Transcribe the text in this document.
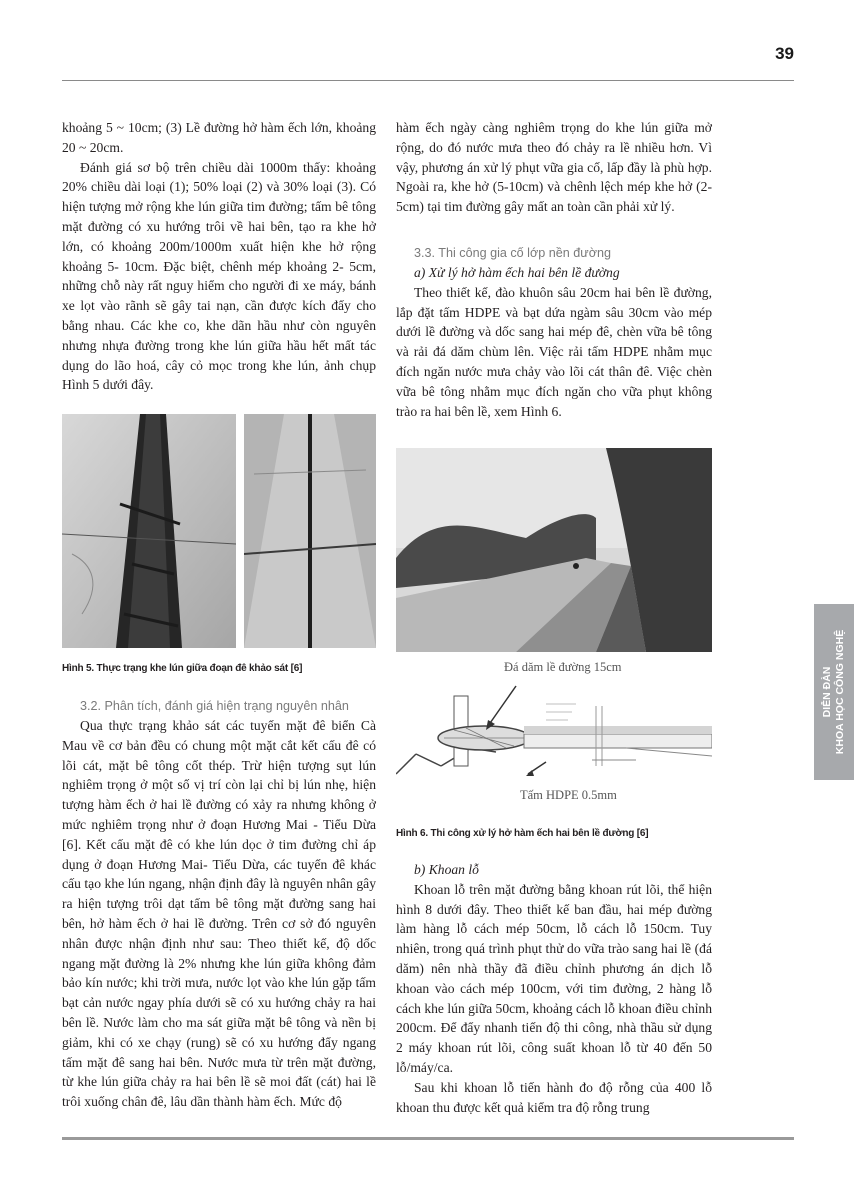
39

khoảng 5 ~ 10cm; (3) Lề đường hở hàm ếch lớn, khoảng 20 ~ 20cm.

Đánh giá sơ bộ trên chiều dài 1000m thấy: khoảng 20% chiều dài loại (1); 50% loại (2) và 30% loại (3). Có hiện tượng mở rộng khe lún giữa tim đường; tấm bê tông mặt đường có xu hướng trôi về hai bên, tạo ra khe hở lớn, có khoảng 200m/1000m xuất hiện khe hở rộng khoảng 5- 10cm. Đặc biệt, chênh mép khoảng 2- 5cm, những chỗ này rất nguy hiểm cho người đi xe máy, bánh xe lọt vào rãnh sẽ gây tai nạn, cần được kích đẩy cho bằng nhau. Các khe co, khe dãn hầu như còn nguyên nhưng nhựa đường trong khe lún giữa hầu hết mất tác dụng do lão hoá, cây cỏ mọc trong khe lún, ảnh chụp Hình 5 dưới đây.

Hình 5. Thực trạng khe lún giữa đoạn đê khảo sát [6]

3.2. Phân tích, đánh giá hiện trạng nguyên nhân

Qua thực trạng khảo sát các tuyến mặt đê biển Cà Mau về cơ bản đều có chung một mặt cắt kết cấu đê có lõi cát, mặt bê tông cốt thép. Trừ hiện tượng sụt lún nghiêm trọng ở một số vị trí còn lại chỉ bị lún nhẹ, hiện tượng hàm ếch ở hai lề đường có xảy ra nhưng không ở mức nghiêm trọng như ở đoạn Hương Mai - Tiểu Dừa [6]. Kết cấu mặt đê có khe lún dọc ở tim đường chỉ áp dụng ở đoạn Hương Mai- Tiểu Dừa, các tuyến đê khác cấu tạo khe lún ngang, nhận định đây là nguyên nhân gây ra hiện tượng trôi dạt tấm bê tông mặt đường sang hai bên, hở hàm ếch ở hai lề đường. Trên cơ sở đó nguyên nhân được nhận định như sau: Theo thiết kế, độ dốc ngang mặt đường là 2% nhưng khe lún giữa không đảm bảo kín nước; khi trời mưa, nước lọt vào khe lún gặp tấm bạt cản nước ngay phía dưới sẽ có xu hướng chảy ra hai bên lề. Nước làm cho ma sát giữa mặt bê tông và nền bị giảm, khi có xe chạy (rung) sẽ có xu hướng đẩy ngang tấm mặt đê sang hai bên. Nước mưa từ trên mặt đường, từ khe lún giữa chảy ra hai bên lề sẽ moi đất (cát) hai lề trôi xuống chân đê, lâu dần thành hàm ếch. Mức độ

hàm ếch ngày càng nghiêm trọng do khe lún giữa mở rộng, do đó nước mưa theo đó chảy ra lề nhiều hơn. Vì vậy, phương án xử lý phụt vữa gia cố, lấp đầy là phù hợp. Ngoài ra, khe hở (5-10cm) và chênh lệch mép khe hở (2-5cm) tại tim đường gây mất an toàn cần phải xử lý.

3.3. Thi công gia cố lớp nền đường

a) Xử lý hở hàm ếch hai bên lề đường

Theo thiết kế, đào khuôn sâu 20cm hai bên lề đường, lắp đặt tấm HDPE và bạt dứa ngàm sâu 30cm vào mép dưới lề đường và dốc sang hai mép đê, chèn vữa bê tông và rải đá dăm chùm lên. Việc rải tấm HDPE nhằm mục đích ngăn nước mưa chảy vào lõi cát thân đê. Việc chèn vữa bê tông nhằm mục đích ngăn cho vữa phụt không trào ra hai bên lề, xem Hình 6.

Đá dăm lề đường 15cm
Tấm HDPE 0.5mm
Hình 6. Thi công xử lý hở hàm ếch hai bên lề đường [6]

b) Khoan lỗ

Khoan lỗ trên mặt đường bằng khoan rút lõi, thể hiện hình 8 dưới đây. Theo thiết kế ban đầu, hai mép đường làm hàng lỗ cách mép 50cm, lỗ cách lỗ 150cm. Tuy nhiên, trong quá trình phụt thử do vữa trào sang hai lề (đá dăm) nên nhà thầy đã điều chỉnh phương án dịch lỗ khoan vào cách mép 100cm, với tim đường, 2 hàng lỗ cách khe lún giữa 50cm, khoảng cách lỗ khoan điều chỉnh 200cm. Để đẩy nhanh tiến độ thi công, nhà thầu sử dụng 2 máy khoan rút lõi, công suất khoan lỗ từ 40 đến 50 lỗ/máy/ca.

Sau khi khoan lỗ tiến hành đo độ rỗng của 400 lỗ khoan thu được kết quả kiểm tra độ rỗng trung

DIỄN ĐÀN KHOA HỌC CÔNG NGHỆ
